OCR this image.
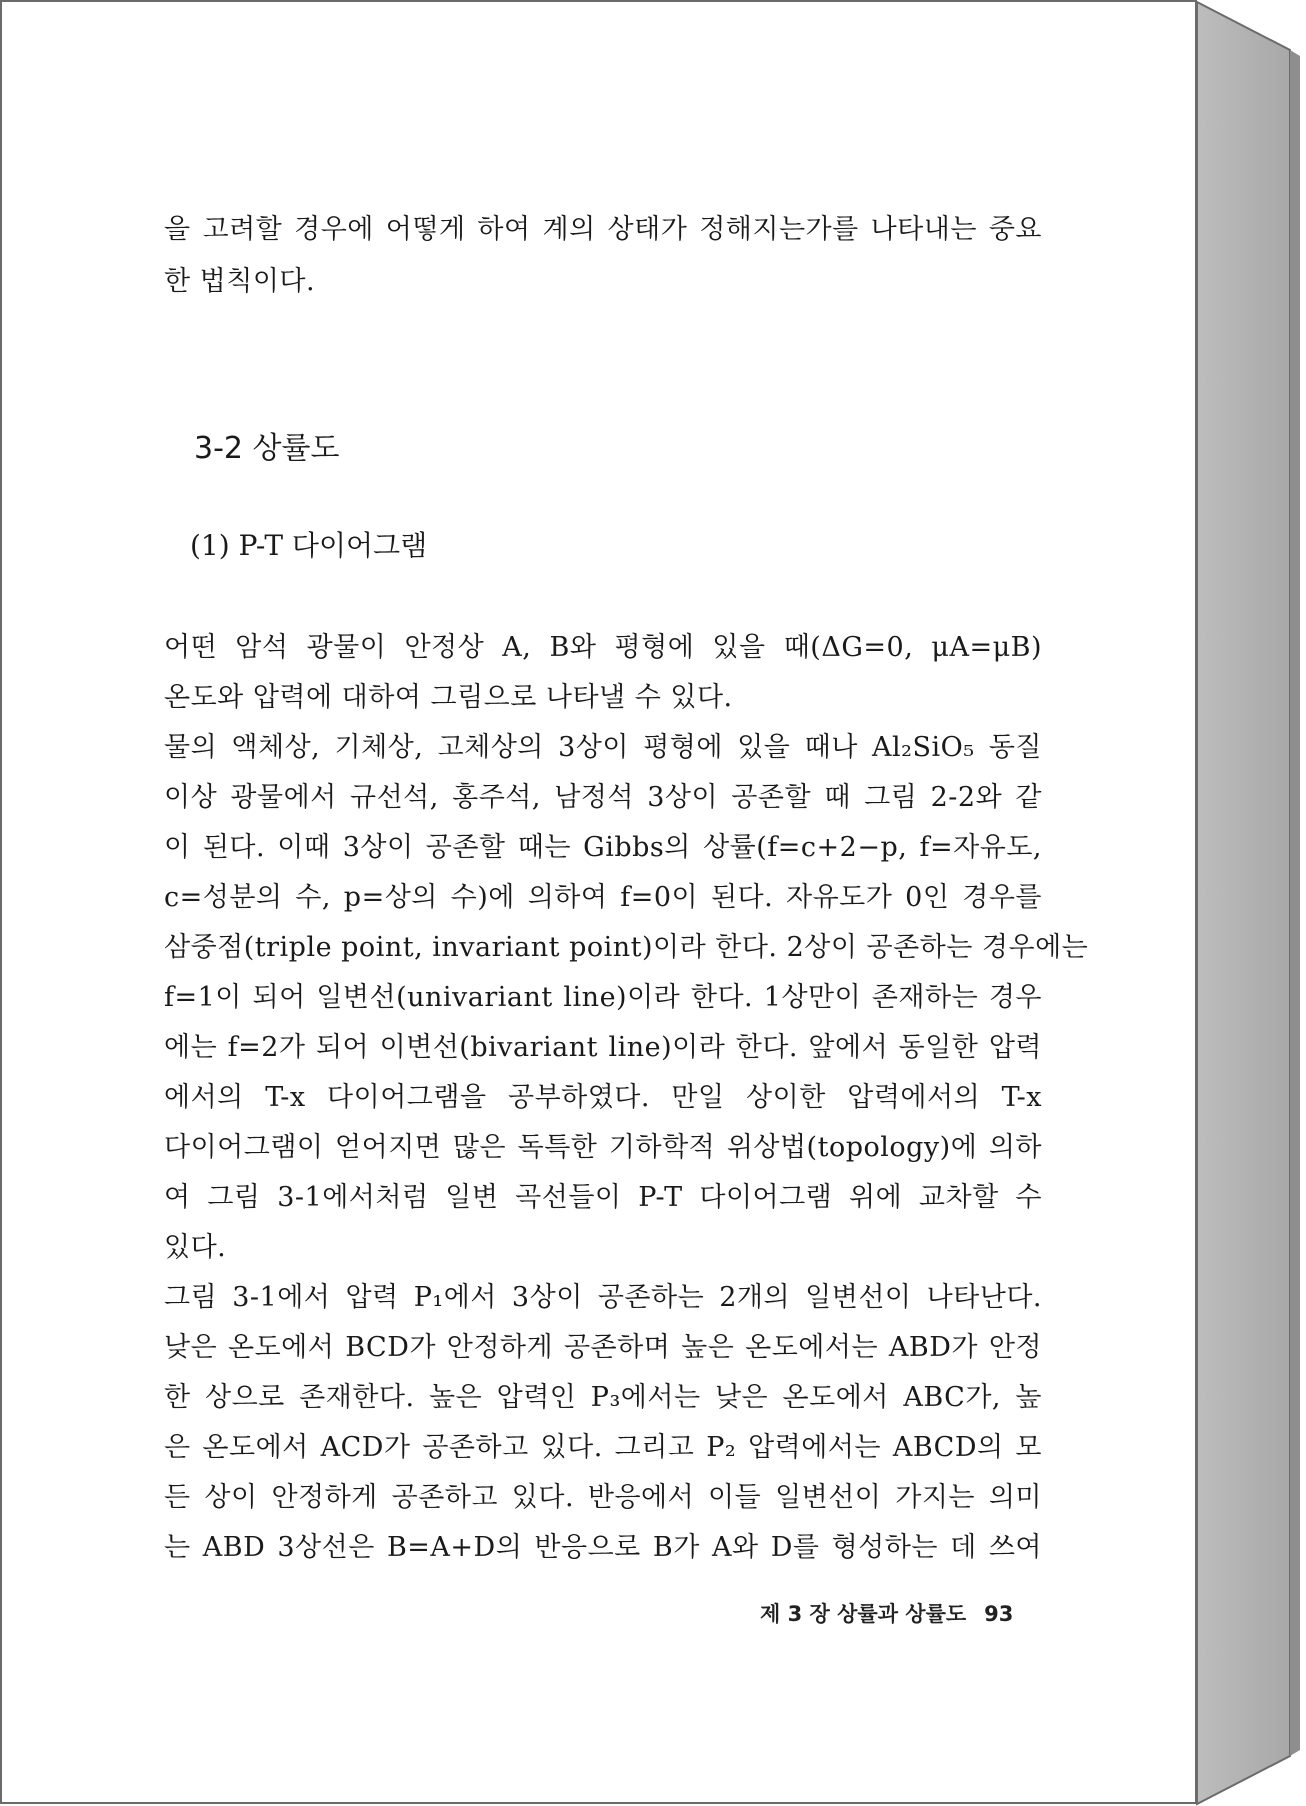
을 고려할 경우에 어떻게 하여 계의 상태가 정해지는가를 나타내는 중요
한 법칙이다.
3-2 상률도
(1) P-T 다이어그램
어떤 암석 광물이 안정상 A, B와 평형에 있을 때(ΔG=0, μA=μB)
온도와 압력에 대하여 그림으로 나타낼 수 있다.
물의 액체상, 기체상, 고체상의 3상이 평형에 있을 때나 Al₂SiO₅ 동질
이상 광물에서 규선석, 홍주석, 남정석 3상이 공존할 때 그림 2-2와 같
이 된다. 이때 3상이 공존할 때는 Gibbs의 상률(f=c+2−p, f=자유도,
c=성분의 수, p=상의 수)에 의하여 f=0이 된다. 자유도가 0인 경우를
삼중점(triple point, invariant point)이라 한다. 2상이 공존하는 경우에는
f=1이 되어 일변선(univariant line)이라 한다. 1상만이 존재하는 경우
에는 f=2가 되어 이변선(bivariant line)이라 한다. 앞에서 동일한 압력
에서의 T-x 다이어그램을 공부하였다. 만일 상이한 압력에서의 T-x
다이어그램이 얻어지면 많은 독특한 기하학적 위상법(topology)에 의하
여 그림 3-1에서처럼 일변 곡선들이 P-T 다이어그램 위에 교차할 수
있다.
그림 3-1에서 압력 P₁에서 3상이 공존하는 2개의 일변선이 나타난다.
낮은 온도에서 BCD가 안정하게 공존하며 높은 온도에서는 ABD가 안정
한 상으로 존재한다. 높은 압력인 P₃에서는 낮은 온도에서 ABC가, 높
은 온도에서 ACD가 공존하고 있다. 그리고 P₂ 압력에서는 ABCD의 모
든 상이 안정하게 공존하고 있다. 반응에서 이들 일변선이 가지는 의미
는 ABD 3상선은 B=A+D의 반응으로 B가 A와 D를 형성하는 데 쓰여
제 3 장 상률과 상률도 93
